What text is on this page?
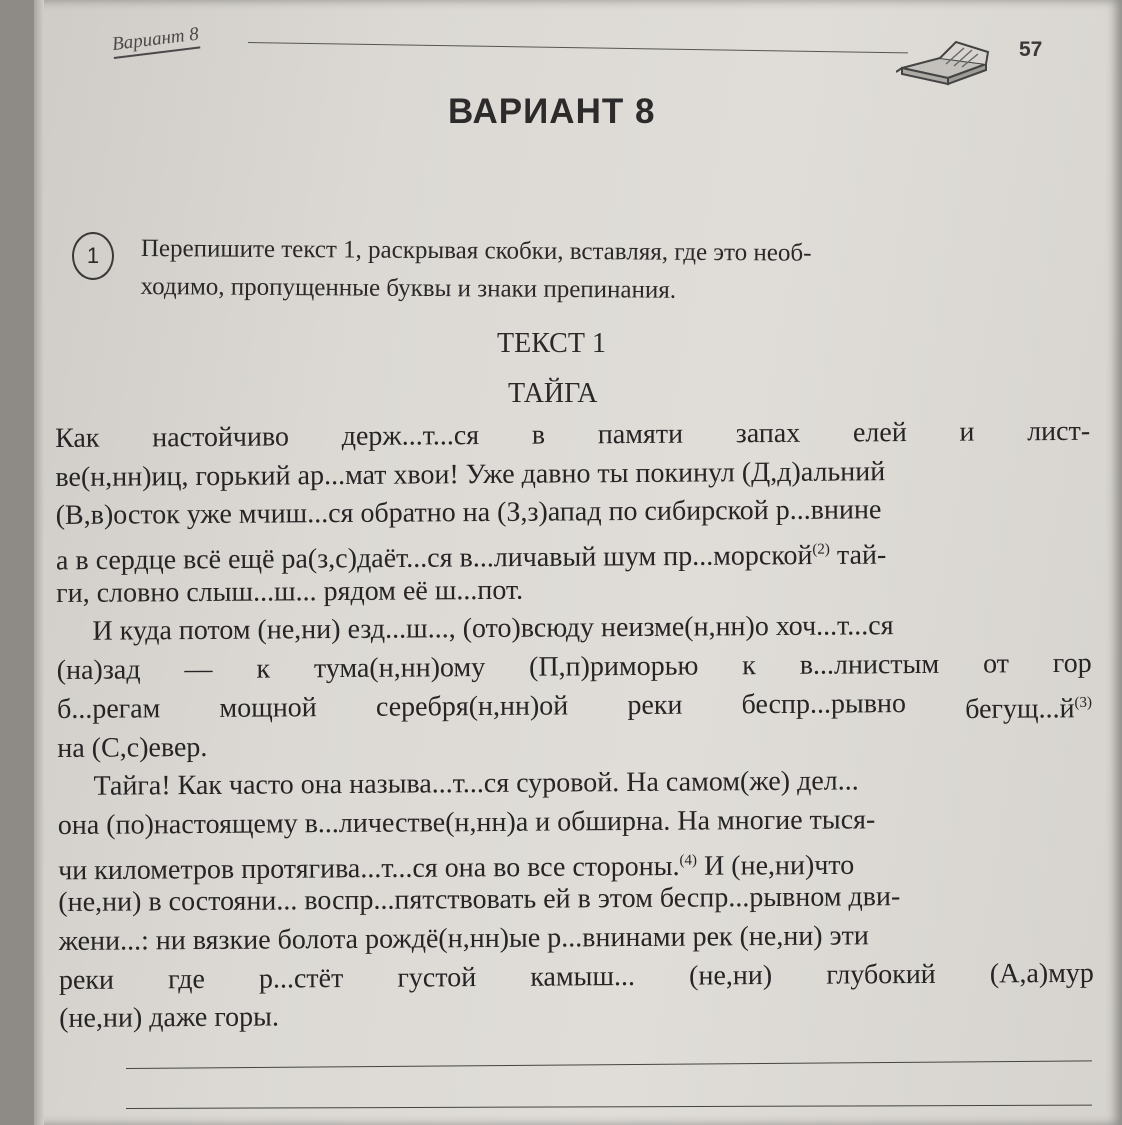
Вариант 8	57
ВАРИАНТ 8
1	Перепишите текст 1, раскрывая скобки, вставляя, где это необ-
ходимо, пропущенные буквы и знаки препинания.
ТЕКСТ 1
ТАЙГА
Как настойчиво держ...т...ся в памяти запах елей и лист-
ве(н,нн)иц, горький ар...мат хвои! Уже давно ты покинул (Д,д)альний
(В,в)осток уже мчиш...ся обратно на (З,з)апад по сибирской р...внине
а в сердце всё ещё ра(з,с)даёт...ся в...личавый шум пр...морской$^{(2)}$ тай-
ги, словно слыш...ш... рядом её ш...пот.
И куда потом (не,ни) езд...ш..., (ото)всюду неизме(н,нн)о хоч...т...ся
(на)зад — к тума(н,нн)ому (П,п)риморью к в...лнистым от гор
б...регам мощной серебря(н,нн)ой реки беспр...рывно $бегущ...й^{(3)}$
на (С,с)евер.
Тайга! Как часто она называ...т...ся суровой. На самом(же) дел...
она (по)настоящему в...личестве(н,нн)а и обширна. На многие тыся-
чи километров протягива...т...ся она во все стороны.$^{(4)}$ И (не,ни)что
(не,ни) в состояни... воспр...пятствовать ей в этом беспр...рывном дви-
жени...: ни вязкие болота рождё(н,нн)ые р...внинами рек (не,ни) эти
реки где р...стёт густой камыш... (не,ни) глубокий (А,а)мур
(не,ни) даже горы.
